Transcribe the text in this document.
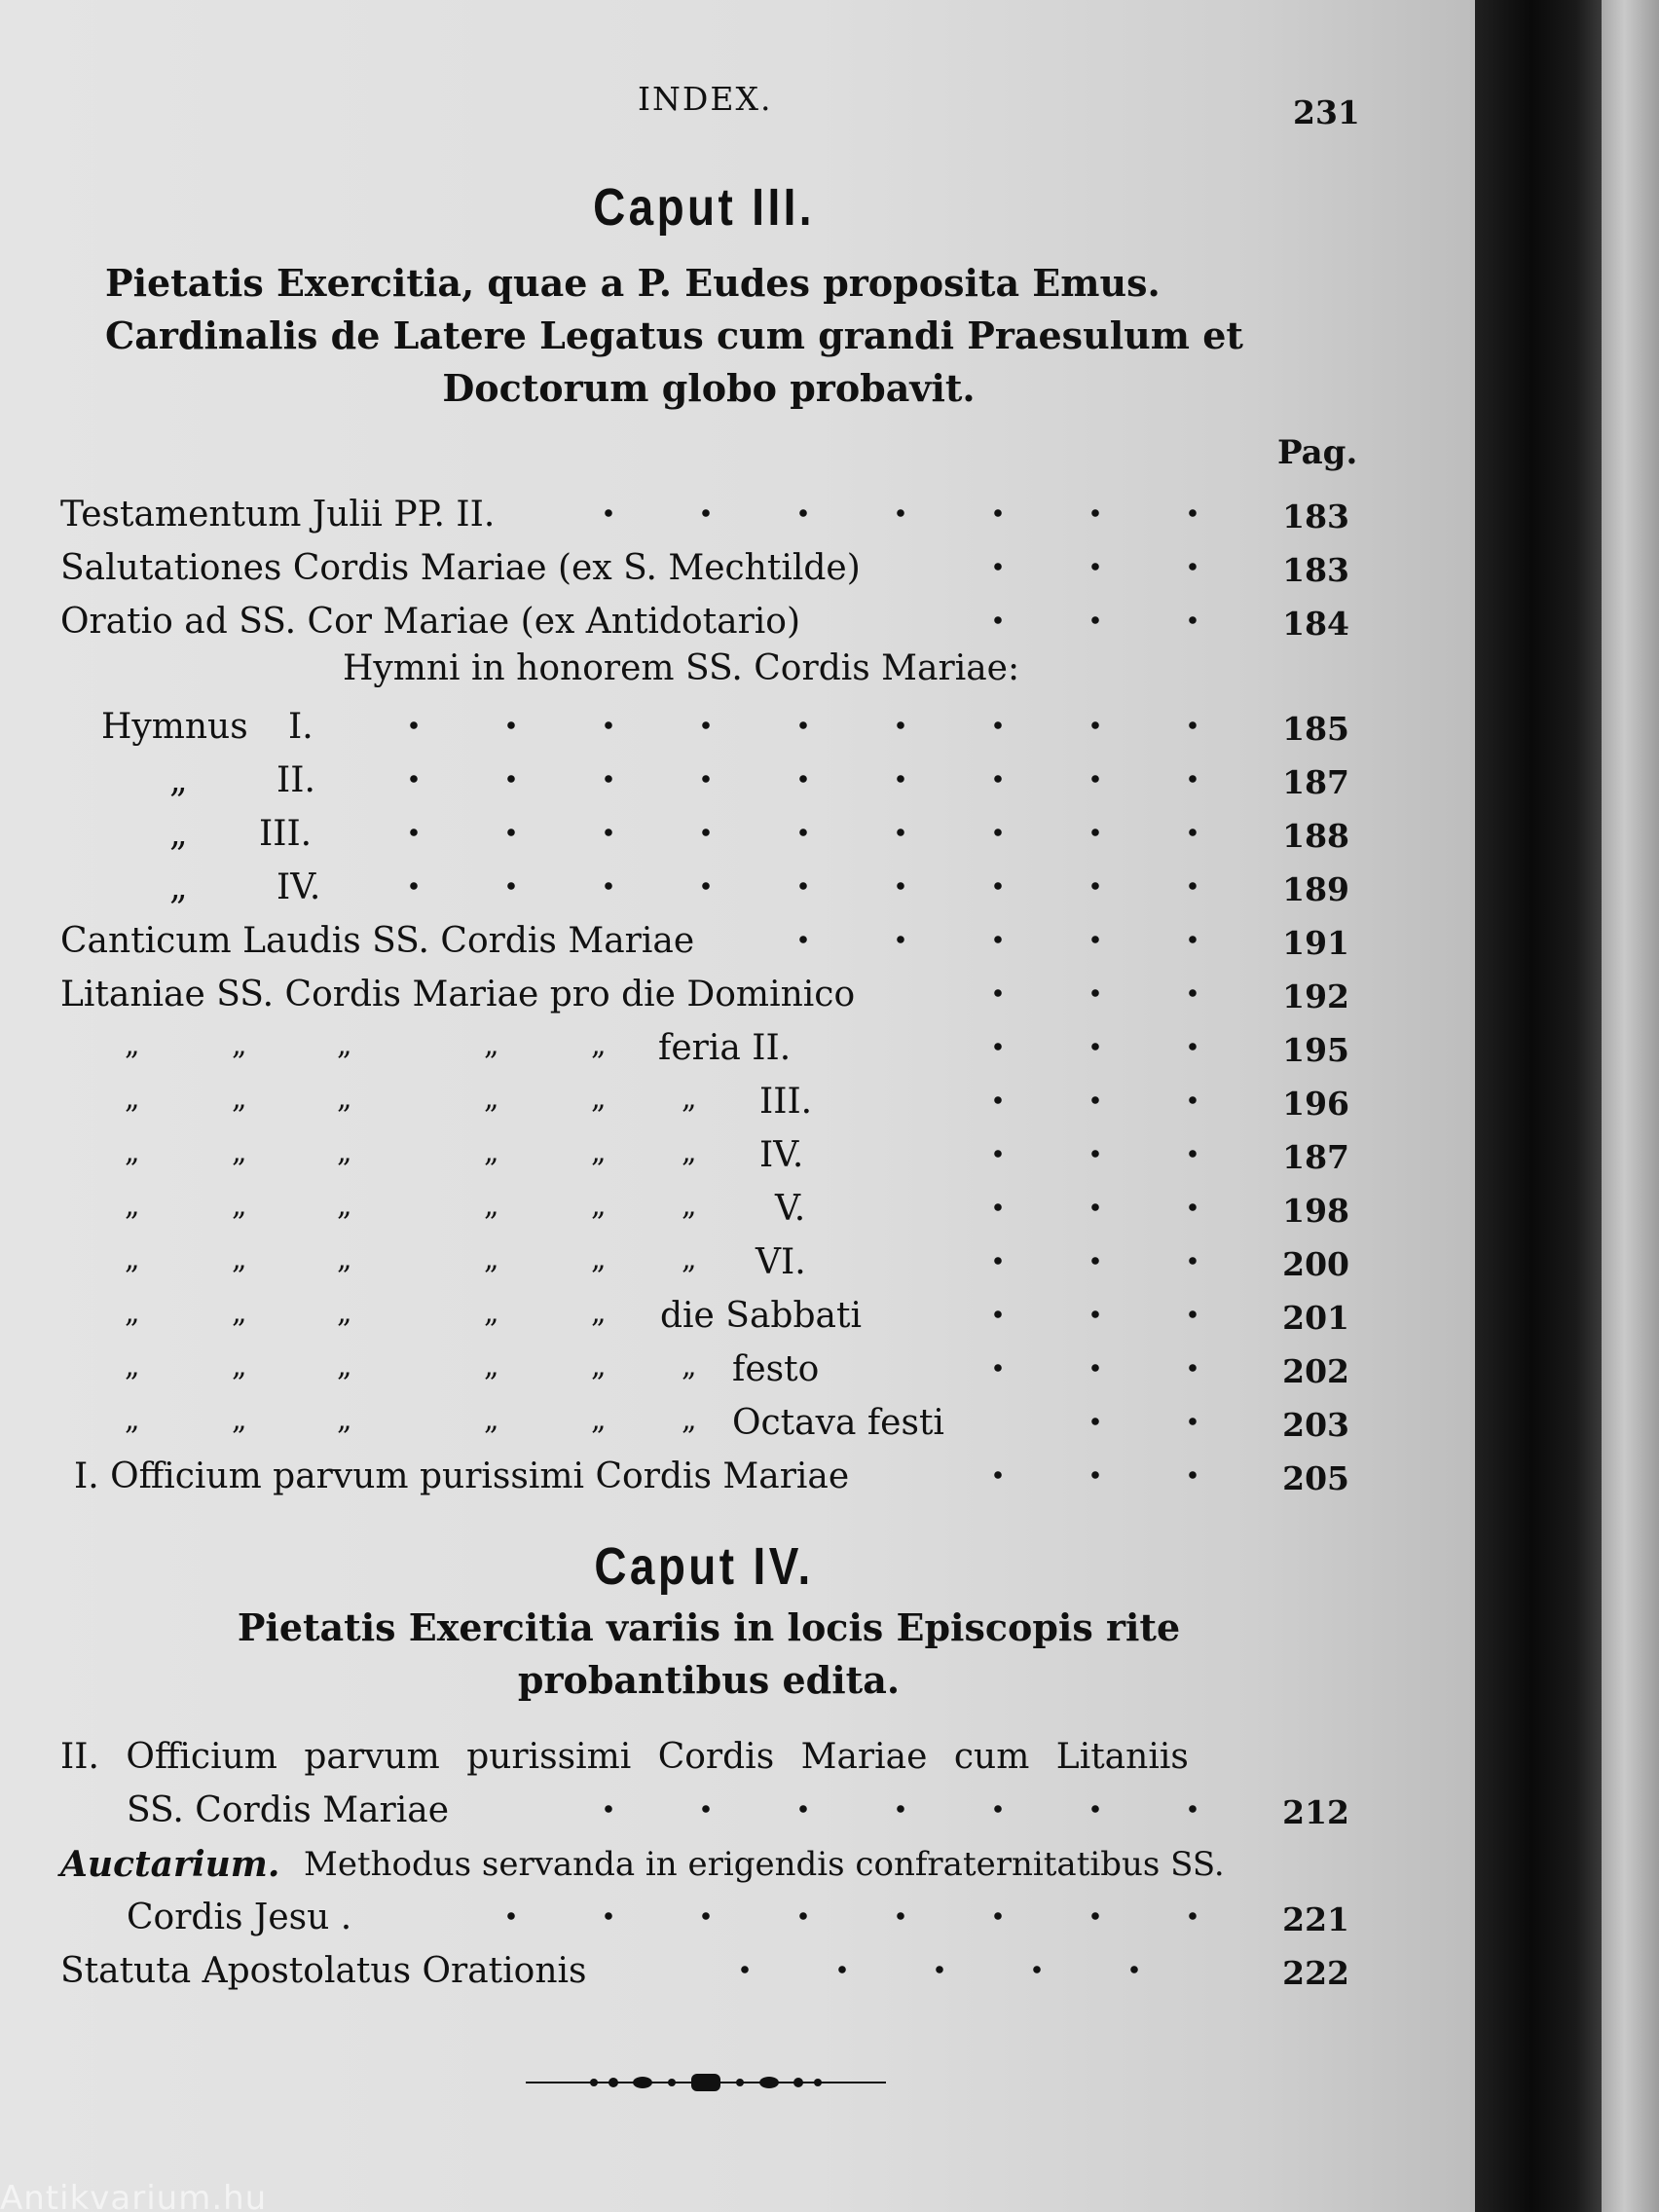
INDEX.	231
Caput III.
Pietatis Exercitia, quae a P. Eudes proposita Emus.
Cardinalis de Latere Legatus cum grandi Praesulum et
Doctorum globo probavit.
Pag.
Testamentum Julii PP. II.	183
Salutationes Cordis Mariae (ex S. Mechtilde)	183
Oratio ad SS. Cor Mariae (ex Antidotario)	184
Hymni in honorem SS. Cordis Mariae:
Hymnus I.	185
„	II.	187
„ III.	188
„	IV.	189
Canticum Laudis SS. Cordis Mariae	191
Litaniae SS. Cordis Mariae pro die Dominico	192
„	„	„	„	„ feria II.	195
„	„	„	„	„	„ III.	196
„	„	„	„	„	„ IV.	187
„	„	„	„	„	„ V.	198
„	„	„	„	„	„ VI.	200
„	„	„	„	„ die Sabbati	201
„	„	„	„	„	„ festo	202
„	„	„	„	„	„ Octava festi	203
I. Officium parvum purissimi Cordis Mariae	205
Caput IV.
Pietatis Exercitia variis in locis Episcopis rite
probantibus edita.
II. Officium parvum purissimi Cordis Mariae cum Litaniis
SS. Cordis Mariae	212
Auctarium. Methodus servanda in erigendis confraternitatibus SS.
Cordis Jesu .	221
Statuta Apostolatus Orationis	222
Antikvarium.hu
